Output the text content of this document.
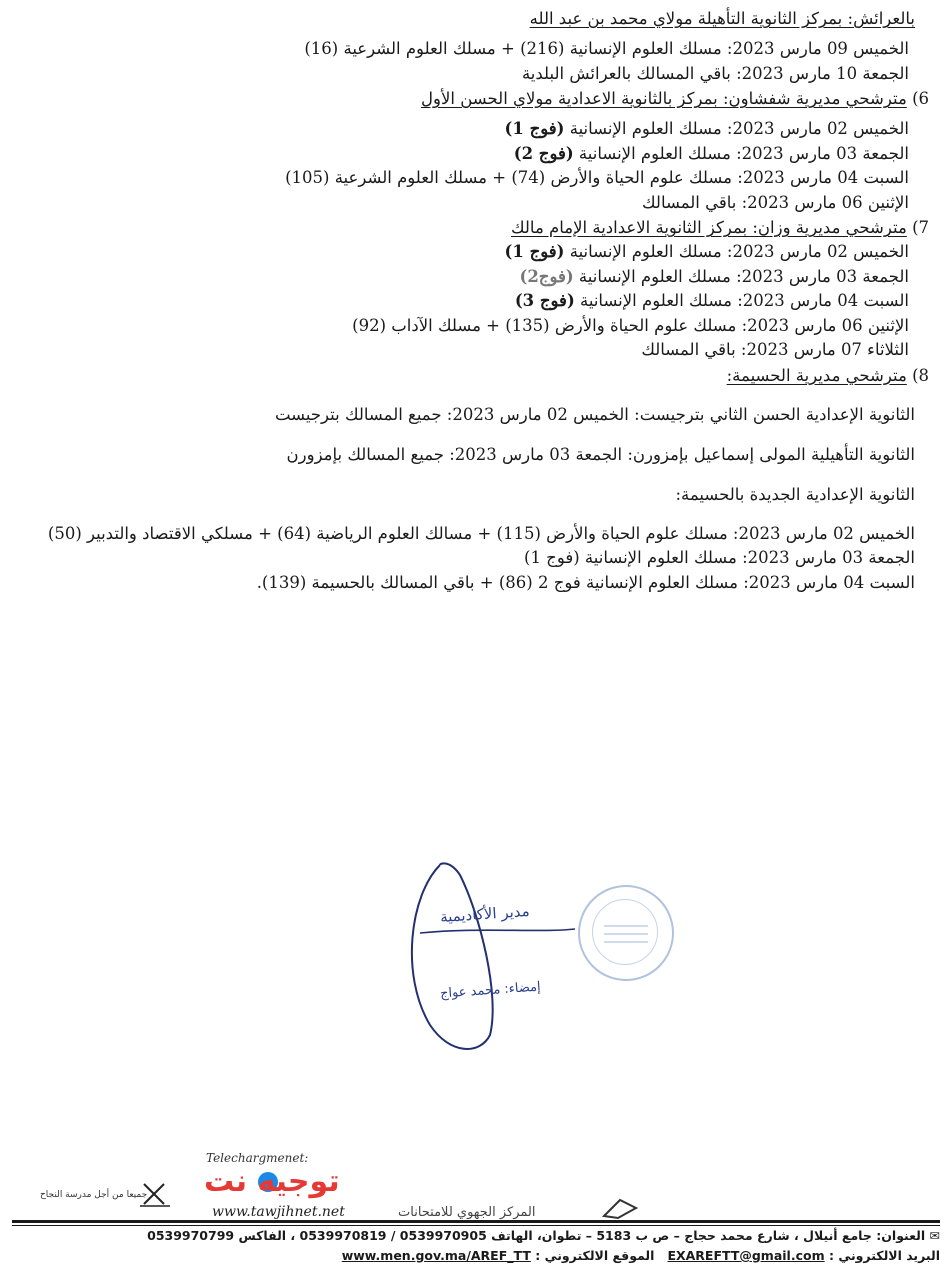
بالعرائش: بمركز الثانوية التأهيلة مولاي محمد بن عبد الله
الخميس 09 مارس 2023: مسلك العلوم الإنسانية (216) + مسلك العلوم الشرعية (16)
الجمعة 10 مارس 2023: باقي المسالك بالعرائش البلدية
6) مترشحي مديرية شفشاون: بمركز بالثانوية الاعدادية مولاي الحسن الأول
الخميس 02 مارس 2023: مسلك العلوم الإنسانية (فوج 1)
الجمعة 03 مارس 2023: مسلك العلوم الإنسانية (فوج 2)
السبت 04 مارس 2023: مسلك علوم الحياة والأرض (74) + مسلك العلوم الشرعية (105)
الإثنين 06 مارس 2023: باقي المسالك
7) مترشحي مديرية وزان: بمركز الثانوية الاعدادية الإمام مالك
الخميس 02 مارس 2023: مسلك العلوم الإنسانية (فوج 1)
الجمعة 03 مارس 2023: مسلك العلوم الإنسانية (فوج2)
السبت 04 مارس 2023: مسلك العلوم الإنسانية (فوج 3)
الإثنين 06 مارس 2023: مسلك علوم الحياة والأرض (135) + مسلك الآداب (92)
الثلاثاء 07 مارس 2023: باقي المسالك
8) مترشحي مديرية الحسيمة:
الثانوية الإعدادية الحسن الثاني بترجيست: الخميس 02 مارس 2023: جميع المسالك بترجيست
الثانوية التأهيلية المولى إسماعيل بإمزورن: الجمعة 03 مارس 2023: جميع المسالك بإمزورن
الثانوية الإعدادية الجديدة بالحسيمة:
الخميس 02 مارس 2023: مسلك علوم الحياة والأرض (115) + مسالك العلوم الرياضية (64) + مسلكي الاقتصاد والتدبير (50)
الجمعة 03 مارس 2023: مسلك العلوم الإنسانية (فوج 1)
السبت 04 مارس 2023: مسلك العلوم الإنسانية فوج 2 (86) + باقي المسالك بالحسيمة (139).
مدير الأكاديمية
إمضاء: محمد عواج
Telechargmenet:
توجيه نت
www.tawjihnet.net
جميعا من أجل مدرسة النجاح
المركز الجهوي للامتحانات
✉ العنوان: جامع أنيلال ، شارع محمد حجاج – ص ب 5183 – تطوان، الهاتف 0539970905 / 0539970819 ، الفاكس 0539970799
البريد الالكتروني : EXAREFTT@gmail.com   الموقع الالكتروني : www.men.gov.ma/AREF_TT
